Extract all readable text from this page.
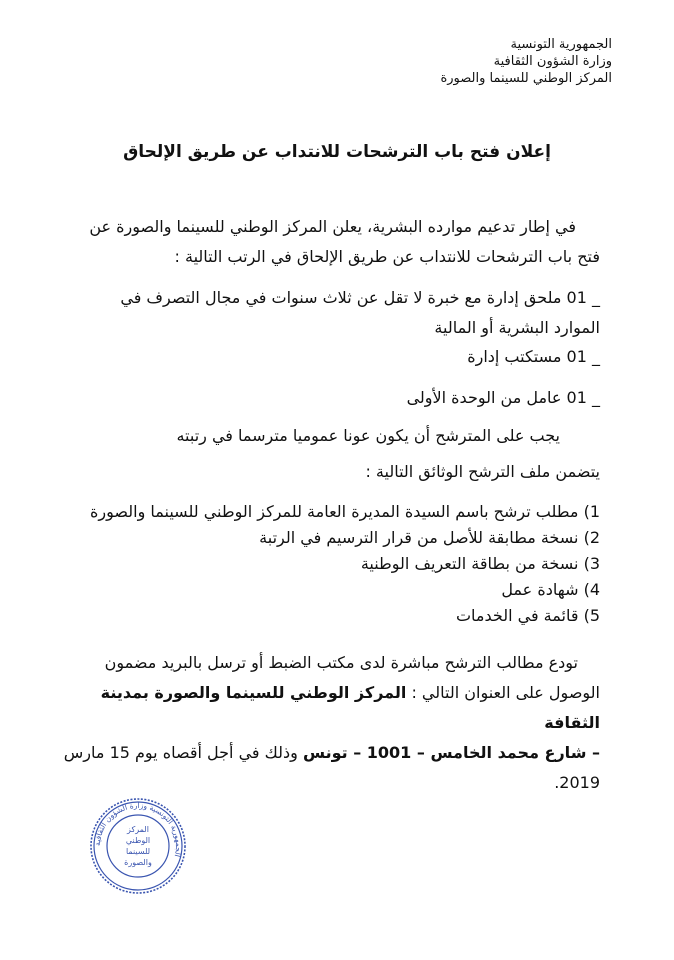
الجمهورية التونسية
وزارة الشؤون الثقافية
المركز الوطني للسينما والصورة
إعلان فتح باب الترشحات للانتداب عن طريق الإلحاق
في إطار تدعيم موارده البشرية، يعلن المركز الوطني للسينما والصورة عن
فتح باب الترشحات للانتداب عن طريق الإلحاق في الرتب التالية :
_ 01 ملحق إدارة مع خبرة لا تقل عن ثلاث سنوات في مجال التصرف في
الموارد البشرية أو المالية
_ 01 مستكتب إدارة
_ 01 عامل من الوحدة الأولى
يجب على المترشح أن يكون عونا عموميا مترسما في رتبته
يتضمن ملف الترشح الوثائق التالية :
1) مطلب ترشح باسم السيدة المديرة العامة للمركز الوطني للسينما والصورة
2) نسخة مطابقة للأصل من قرار الترسيم في الرتبة
3) نسخة من بطاقة التعريف الوطنية
4) شهادة عمل
5) قائمة في الخدمات
تودع مطالب الترشح مباشرة لدى مكتب الضبط أو ترسل بالبريد مضمون
الوصول على العنوان التالي : المركز الوطني للسينما والصورة بمدينة الثقافة
– شارع محمد الخامس – 1001 – تونس وذلك في أجل أقصاه يوم 15 مارس
2019.
الجمهورية التونسية وزارة الشؤون الثقافية
المركز
الوطني
للسينما
والصورة
